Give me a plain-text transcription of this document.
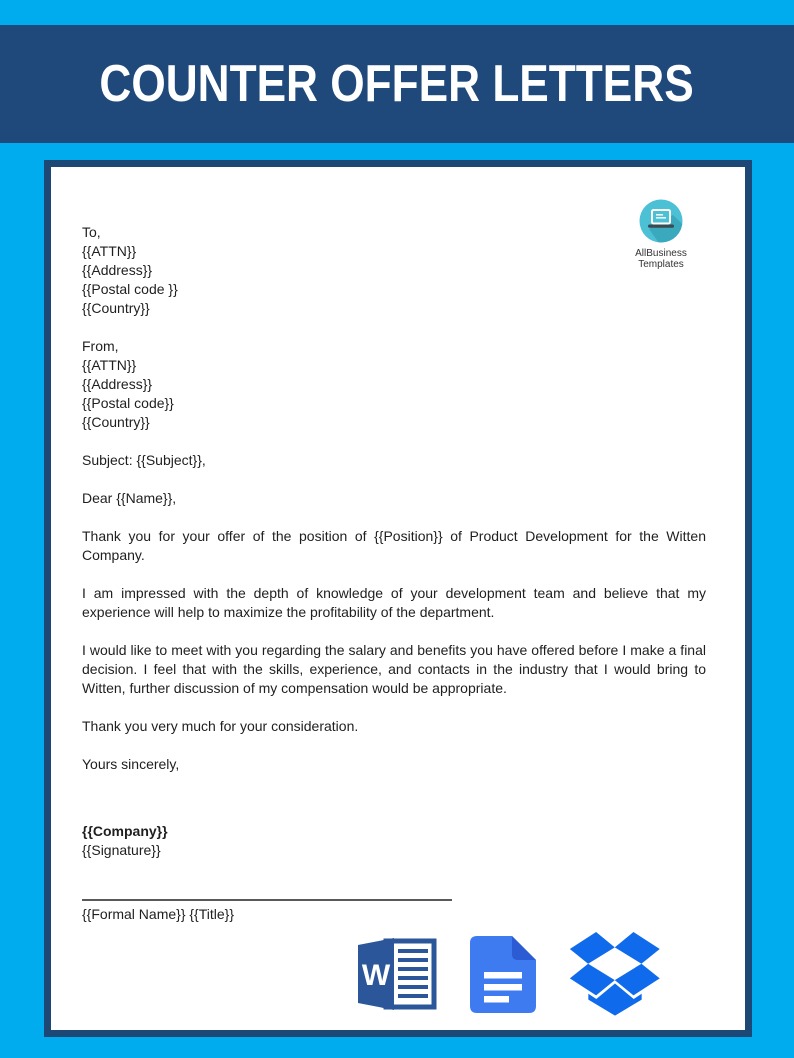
COUNTER OFFER LETTERS
AllBusiness
Templates
To,
{{ATTN}}
{{Address}}
{{Postal code }}
{{Country}}
From,
{{ATTN}}
{{Address}}
{{Postal code}}
{{Country}}
Subject: {{Subject}},
Dear {{Name}},

Thank you for your offer of the position of {{Position}} of Product Development for the Witten Company.

I am impressed with the depth of knowledge of your development team and believe that my experience will help to maximize the profitability of the department.

I would like to meet with you regarding the salary and benefits you have offered before I make a final decision. I feel that with the skills, experience, and contacts in the industry that I would bring to Witten, further discussion of my compensation would be appropriate.

Thank you very much for your consideration.

Yours sincerely,
{{Company}}
{{Signature}}
{{Formal Name}} {{Title}}
W
